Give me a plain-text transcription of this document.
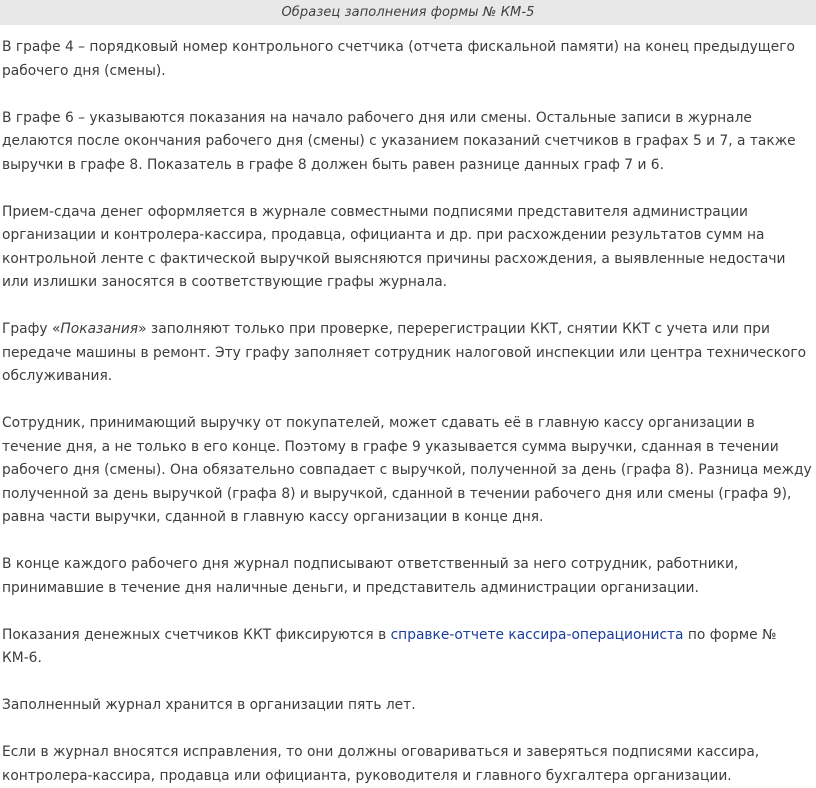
Образец заполнения формы № КМ-5

В графе 4 – порядковый номер контрольного счетчика (отчета фискальной памяти) на конец предыдущего рабочего дня (смены).

В графе 6 – указываются показания на начало рабочего дня или смены. Остальные записи в журнале делаются после окончания рабочего дня (смены) с указанием показаний счетчиков в графах 5 и 7, а также выручки в графе 8. Показатель в графе 8 должен быть равен разнице данных граф 7 и 6.

Прием-сдача денег оформляется в журнале совместными подписями представителя администрации организации и контролера-кассира, продавца, официанта и др. при расхождении результатов сумм на контрольной ленте с фактической выручкой выясняются причины расхождения, а выявленные недостачи или излишки заносятся в соответствующие графы журнала.

Графу «Показания» заполняют только при проверке, перерегистрации ККТ, снятии ККТ с учета или при передаче машины в ремонт. Эту графу заполняет сотрудник налоговой инспекции или центра технического обслуживания.

Сотрудник, принимающий выручку от покупателей, может сдавать её в главную кассу организации в течение дня, а не только в его конце. Поэтому в графе 9 указывается сумма выручки, сданная в течении рабочего дня (смены). Она обязательно совпадает с выручкой, полученной за день (графа 8). Разница между полученной за день выручкой (графа 8) и выручкой, сданной в течении рабочего дня или смены (графа 9), равна части выручки, сданной в главную кассу организации в конце дня.

В конце каждого рабочего дня журнал подписывают ответственный за него сотрудник, работники, принимавшие в течение дня наличные деньги, и представитель администрации организации.

Показания денежных счетчиков ККТ фиксируются в справке-отчете кассира-операциониста по форме № КМ-6.

Заполненный журнал хранится в организации пять лет.

Если в журнал вносятся исправления, то они должны оговариваться и заверяться подписями кассира, контролера-кассира, продавца или официанта, руководителя и главного бухгалтера организации.
